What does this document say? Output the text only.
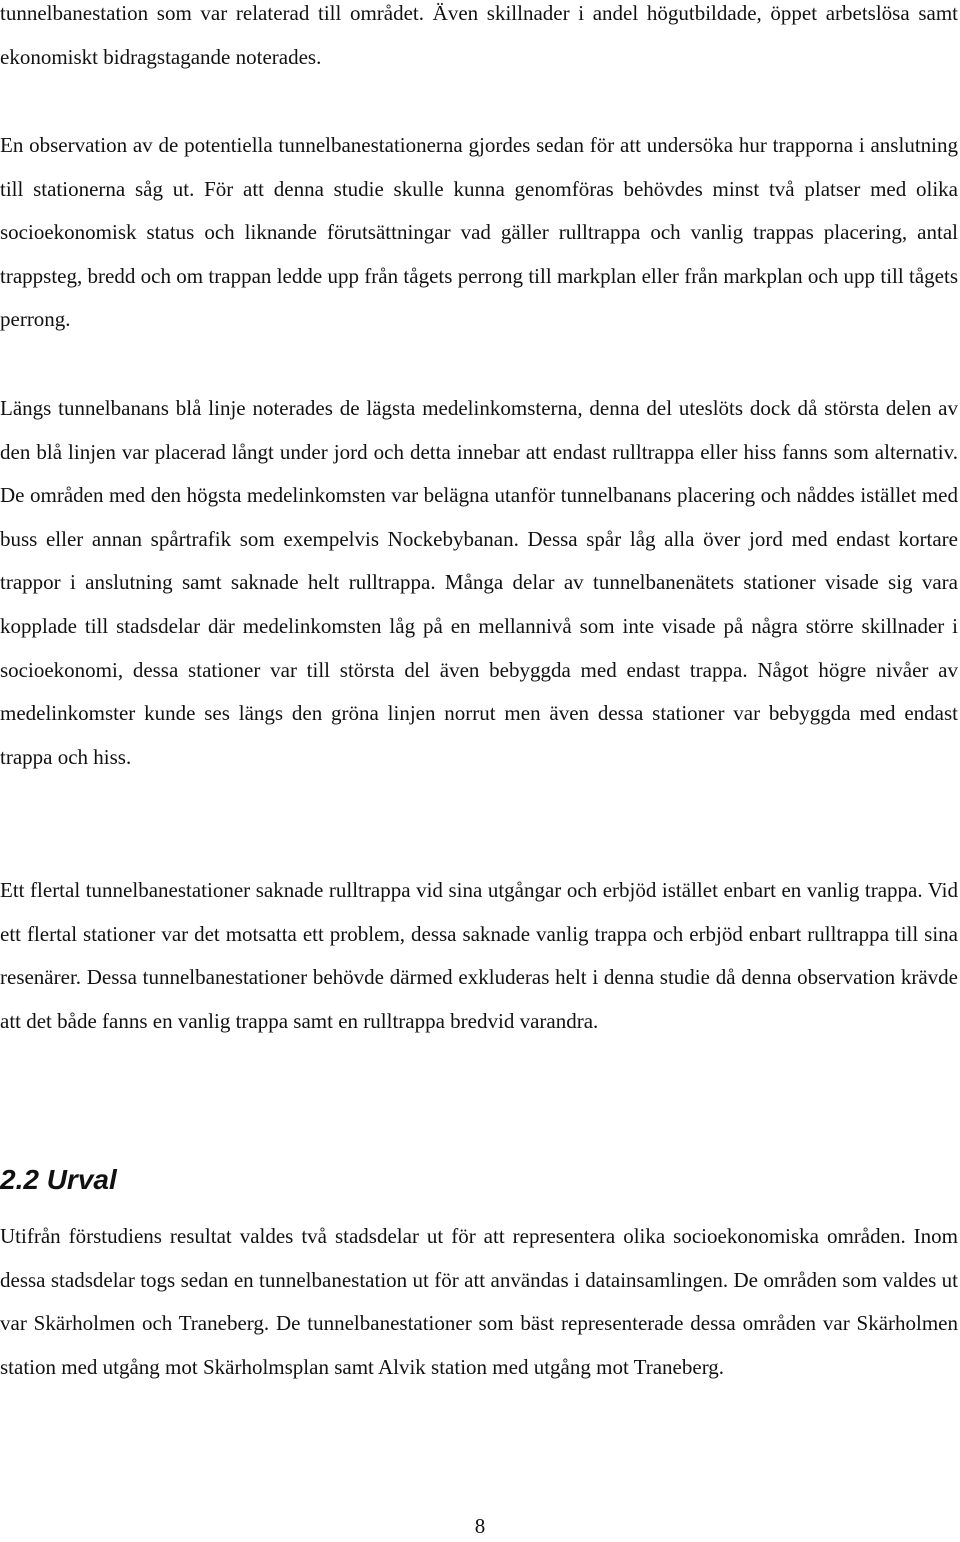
tunnelbanestation som var relaterad till området. Även skillnader i andel högutbildade, öppet arbetslösa samt ekonomiskt bidragstagande noterades.

En observation av de potentiella tunnelbanestationerna gjordes sedan för att undersöka hur trapporna i anslutning till stationerna såg ut. För att denna studie skulle kunna genomföras behövdes minst två platser med olika socioekonomisk status och liknande förutsättningar vad gäller rulltrappa och vanlig trappas placering, antal trappsteg, bredd och om trappan ledde upp från tågets perrong till markplan eller från markplan och upp till tågets perrong.

Längs tunnelbanans blå linje noterades de lägsta medelinkomsterna, denna del uteslöts dock då största delen av den blå linjen var placerad långt under jord och detta innebar att endast rulltrappa eller hiss fanns som alternativ. De områden med den högsta medelinkomsten var belägna utanför tunnelbanans placering och nåddes istället med buss eller annan spårtrafik som exempelvis Nockebybanan. Dessa spår låg alla över jord med endast kortare trappor i anslutning samt saknade helt rulltrappa. Många delar av tunnelbanenätets stationer visade sig vara kopplade till stadsdelar där medelinkomsten låg på en mellannivå som inte visade på några större skillnader i socioekonomi, dessa stationer var till största del även bebyggda med endast trappa. Något högre nivåer av medelinkomster kunde ses längs den gröna linjen norrut men även dessa stationer var bebyggda med endast trappa och hiss.

Ett flertal tunnelbanestationer saknade rulltrappa vid sina utgångar och erbjöd istället enbart en vanlig trappa. Vid ett flertal stationer var det motsatta ett problem, dessa saknade vanlig trappa och erbjöd enbart rulltrappa till sina resenärer. Dessa tunnelbanestationer behövde därmed exkluderas helt i denna studie då denna observation krävde att det både fanns en vanlig trappa samt en rulltrappa bredvid varandra.

2.2 Urval

Utifrån förstudiens resultat valdes två stadsdelar ut för att representera olika socioekonomiska områden. Inom dessa stadsdelar togs sedan en tunnelbanestation ut för att användas i datainsamlingen. De områden som valdes ut var Skärholmen och Traneberg. De tunnelbanestationer som bäst representerade dessa områden var Skärholmen station med utgång mot Skärholmsplan samt Alvik station med utgång mot Traneberg.

8
